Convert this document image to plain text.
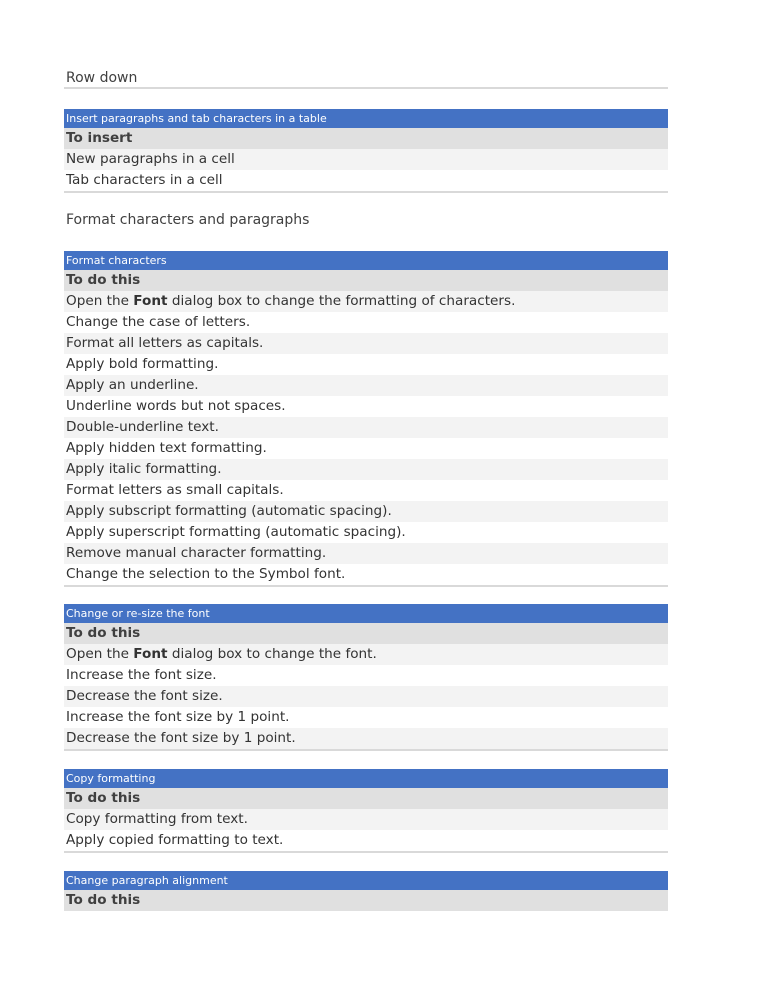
Row down
Insert paragraphs and tab characters in a table
To insert
New paragraphs in a cell
Tab characters in a cell
Format characters and paragraphs
Format characters
To do this
Open the Font dialog box to change the formatting of characters.
Change the case of letters.
Format all letters as capitals.
Apply bold formatting.
Apply an underline.
Underline words but not spaces.
Double-underline text.
Apply hidden text formatting.
Apply italic formatting.
Format letters as small capitals.
Apply subscript formatting (automatic spacing).
Apply superscript formatting (automatic spacing).
Remove manual character formatting.
Change the selection to the Symbol font.
Change or re-size the font
To do this
Open the Font dialog box to change the font.
Increase the font size.
Decrease the font size.
Increase the font size by 1 point.
Decrease the font size by 1 point.
Copy formatting
To do this
Copy formatting from text.
Apply copied formatting to text.
Change paragraph alignment
To do this
